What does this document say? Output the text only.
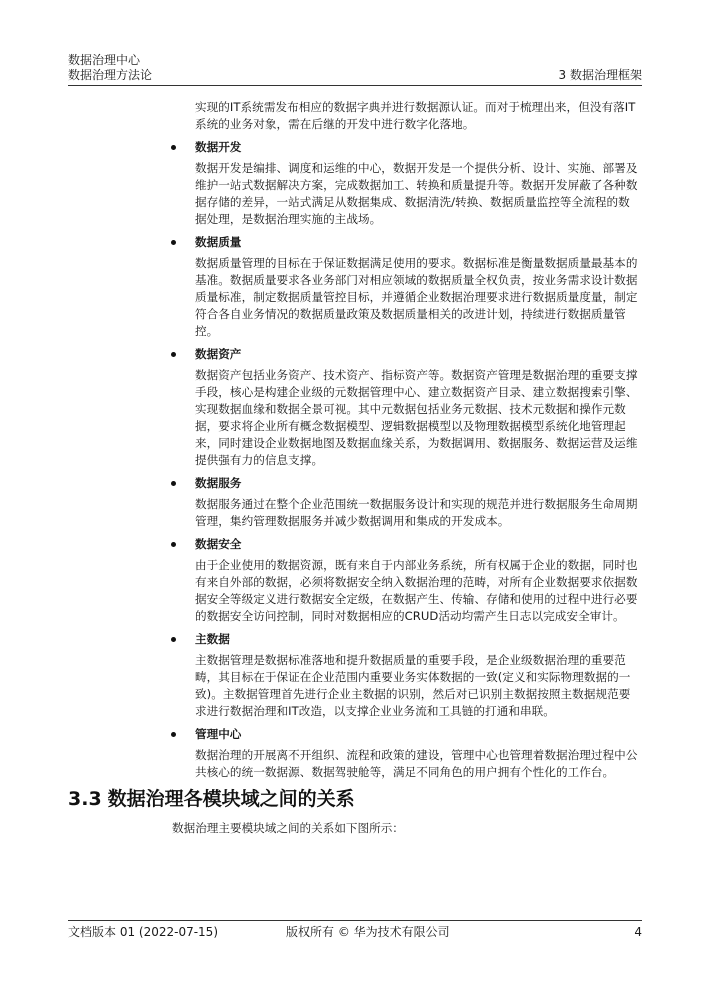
数据治理中心
数据治理方法论	3 数据治理框架

实现的IT系统需发布相应的数据字典并进行数据源认证。而对于梳理出来，但没有落IT系统的业务对象，需在后继的开发中进行数字化落地。

数据开发

数据开发是编排、调度和运维的中心，数据开发是一个提供分析、设计、实施、部署及维护一站式数据解决方案，完成数据加工、转换和质量提升等。数据开发屏蔽了各种数据存储的差异，一站式满足从数据集成、数据清洗/转换、数据质量监控等全流程的数据处理，是数据治理实施的主战场。

数据质量

数据质量管理的目标在于保证数据满足使用的要求。数据标准是衡量数据质量最基本的基准。数据质量要求各业务部门对相应领域的数据质量全权负责，按业务需求设计数据质量标准，制定数据质量管控目标，并遵循企业数据治理要求进行数据质量度量，制定符合各自业务情况的数据质量政策及数据质量相关的改进计划，持续进行数据质量管控。

数据资产

数据资产包括业务资产、技术资产、指标资产等。数据资产管理是数据治理的重要支撑手段，核心是构建企业级的元数据管理中心、建立数据资产目录、建立数据搜索引擎、实现数据血缘和数据全景可视。其中元数据包括业务元数据、技术元数据和操作元数据，要求将企业所有概念数据模型、逻辑数据模型以及物理数据模型系统化地管理起来，同时建设企业数据地图及数据血缘关系，为数据调用、数据服务、数据运营及运维提供强有力的信息支撑。

数据服务

数据服务通过在整个企业范围统一数据服务设计和实现的规范并进行数据服务生命周期管理，集约管理数据服务并减少数据调用和集成的开发成本。

数据安全

由于企业使用的数据资源，既有来自于内部业务系统，所有权属于企业的数据，同时也有来自外部的数据，必须将数据安全纳入数据治理的范畴，对所有企业数据要求依据数据安全等级定义进行数据安全定级，在数据产生、传输、存储和使用的过程中进行必要的数据安全访问控制，同时对数据相应的CRUD活动均需产生日志以完成安全审计。

主数据

主数据管理是数据标准落地和提升数据质量的重要手段，是企业级数据治理的重要范畴，其目标在于保证在企业范围内重要业务实体数据的一致(定义和实际物理数据的一致)。主数据管理首先进行企业主数据的识别，然后对已识别主数据按照主数据规范要求进行数据治理和IT改造，以支撑企业业务流和工具链的打通和串联。

管理中心

数据治理的开展离不开组织、流程和政策的建设，管理中心也管理着数据治理过程中公共核心的统一数据源、数据驾驶舱等，满足不同角色的用户拥有个性化的工作台。

3.3 数据治理各模块域之间的关系

数据治理主要模块域之间的关系如下图所示：

文档版本 01 (2022-07-15)	版权所有 © 华为技术有限公司	4
